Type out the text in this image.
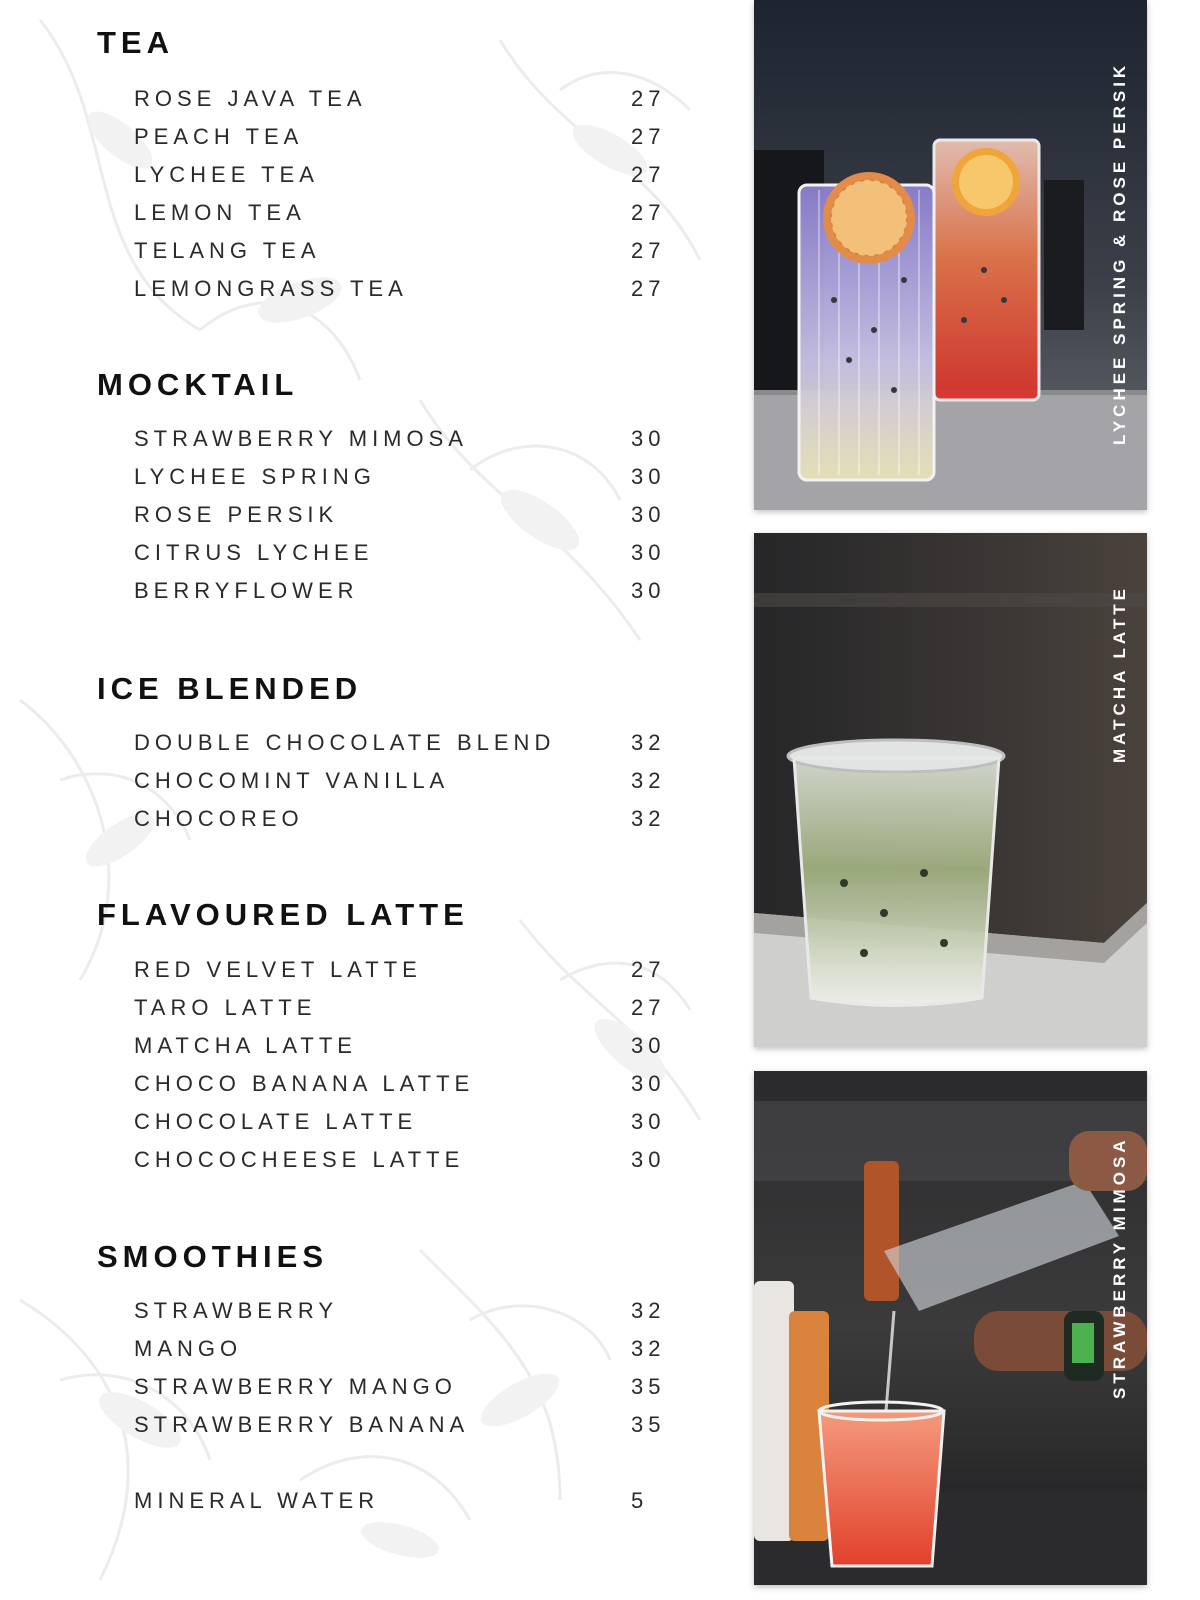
TEA
ROSE JAVA TEA	27
PEACH TEA	27
LYCHEE TEA	27
LEMON TEA	27
TELANG TEA	27
LEMONGRASS TEA	27
MOCKTAIL
STRAWBERRY MIMOSA	30
LYCHEE SPRING	30
ROSE PERSIK	30
CITRUS LYCHEE	30
BERRYFLOWER	30
ICE BLENDED
DOUBLE CHOCOLATE BLEND	32
CHOCOMINT VANILLA	32
CHOCOREO	32
FLAVOURED LATTE
RED VELVET LATTE	27
TARO LATTE	27
MATCHA LATTE	30
CHOCO BANANA LATTE	30
CHOCOLATE LATTE	30
CHOCOCHEESE LATTE	30
SMOOTHIES
STRAWBERRY	32
MANGO	32
STRAWBERRY MANGO	35
STRAWBERRY BANANA	35
MINERAL WATER	5
LYCHEE SPRING & ROSE PERSIK
MATCHA LATTE
STRAWBERRY MIMOSA
